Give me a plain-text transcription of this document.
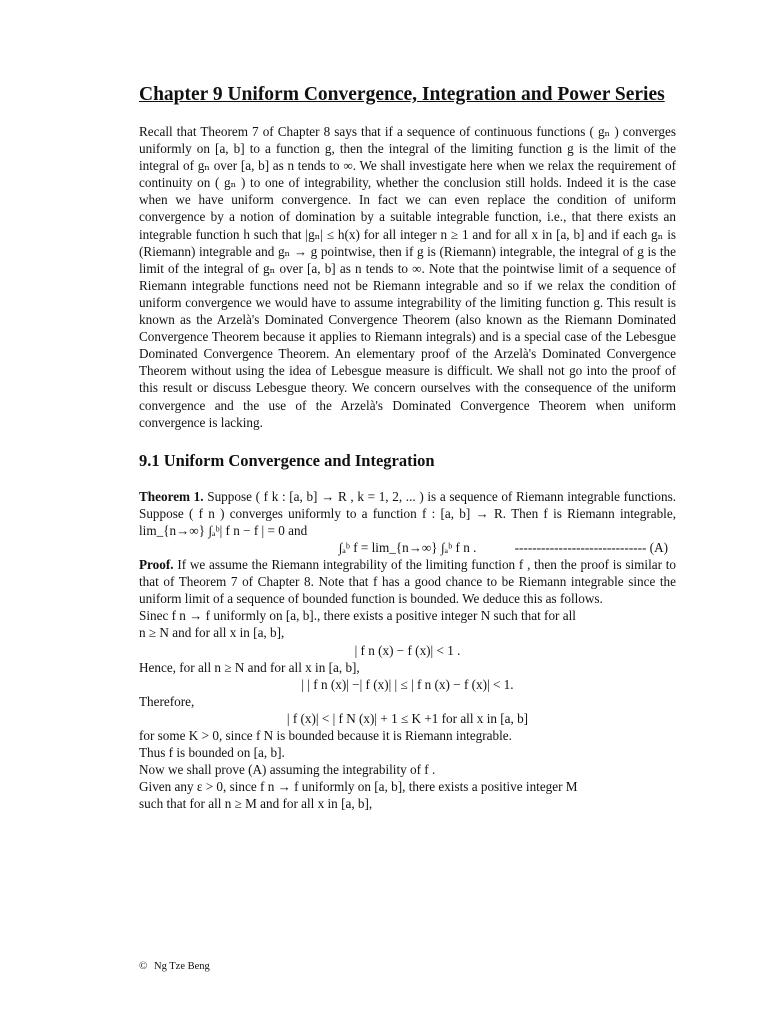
Chapter 9 Uniform Convergence, Integration and Power Series

Recall that Theorem 7 of Chapter 8 says that if a sequence of continuous functions ( gₙ ) converges uniformly on [a, b] to a function g, then the integral of the limiting function g is the limit of the integral of gₙ over [a, b] as n tends to ∞. We shall investigate here when we relax the requirement of continuity on ( gₙ ) to one of integrability, whether the conclusion still holds. Indeed it is the case when we have uniform convergence. In fact we can even replace the condition of uniform convergence by a notion of domination by a suitable integrable function, i.e., that there exists an integrable function h such that |gₙ| ≤ h(x) for all integer n ≥ 1 and for all x in [a, b] and if each gₙ is (Riemann) integrable and gₙ → g pointwise, then if g is (Riemann) integrable, the integral of g is the limit of the integral of gₙ over [a, b] as n tends to ∞. Note that the pointwise limit of a sequence of Riemann integrable functions need not be Riemann integrable and so if we relax the condition of uniform convergence we would have to assume integrability of the limiting function g. This result is known as the Arzelà's Dominated Convergence Theorem (also known as the Riemann Dominated Convergence Theorem because it applies to Riemann integrals) and is a special case of the Lebesgue Dominated Convergence Theorem. An elementary proof of the Arzelà's Dominated Convergence Theorem without using the idea of Lebesgue measure is difficult. We shall not go into the proof of this result or discuss Lebesgue theory. We concern ourselves with the consequence of the uniform convergence and the use of the Arzelà's Dominated Convergence Theorem when uniform convergence is lacking.

9.1 Uniform Convergence and Integration

Theorem 1. Suppose ( f k : [a, b] → R , k = 1, 2, ... ) is a sequence of Riemann integrable functions. Suppose ( f n ) converges uniformly to a function f : [a, b] → R. Then f is Riemann integrable, lim_{n→∞} ∫ₐᵇ| f n − f | = 0 and

∫ₐᵇ f = lim_{n→∞} ∫ₐᵇ f n .	------------------------------ (A)

Proof. If we assume the Riemann integrability of the limiting function f , then the proof is similar to that of Theorem 7 of Chapter 8. Note that f has a good chance to be Riemann integrable since the uniform limit of a sequence of bounded function is bounded. We deduce this as follows.

Sinec f n → f uniformly on [a, b]., there exists a positive integer N such that for all
n ≥ N and for all x in [a, b],
| f n (x) − f (x)| < 1 .
Hence, for all n ≥ N and for all x in [a, b],
| | f n (x)| −| f (x)| | ≤ | f n (x) − f (x)| < 1.
Therefore,
| f (x)| < | f N (x)| + 1 ≤ K +1 for all x in [a, b]
for some K > 0, since f N is bounded because it is Riemann integrable.
Thus f is bounded on [a, b].
Now we shall prove (A) assuming the integrability of f .
Given any ε > 0, since f n → f uniformly on [a, b], there exists a positive integer M
such that for all n ≥ M and for all x in [a, b],
© Ng Tze Beng
